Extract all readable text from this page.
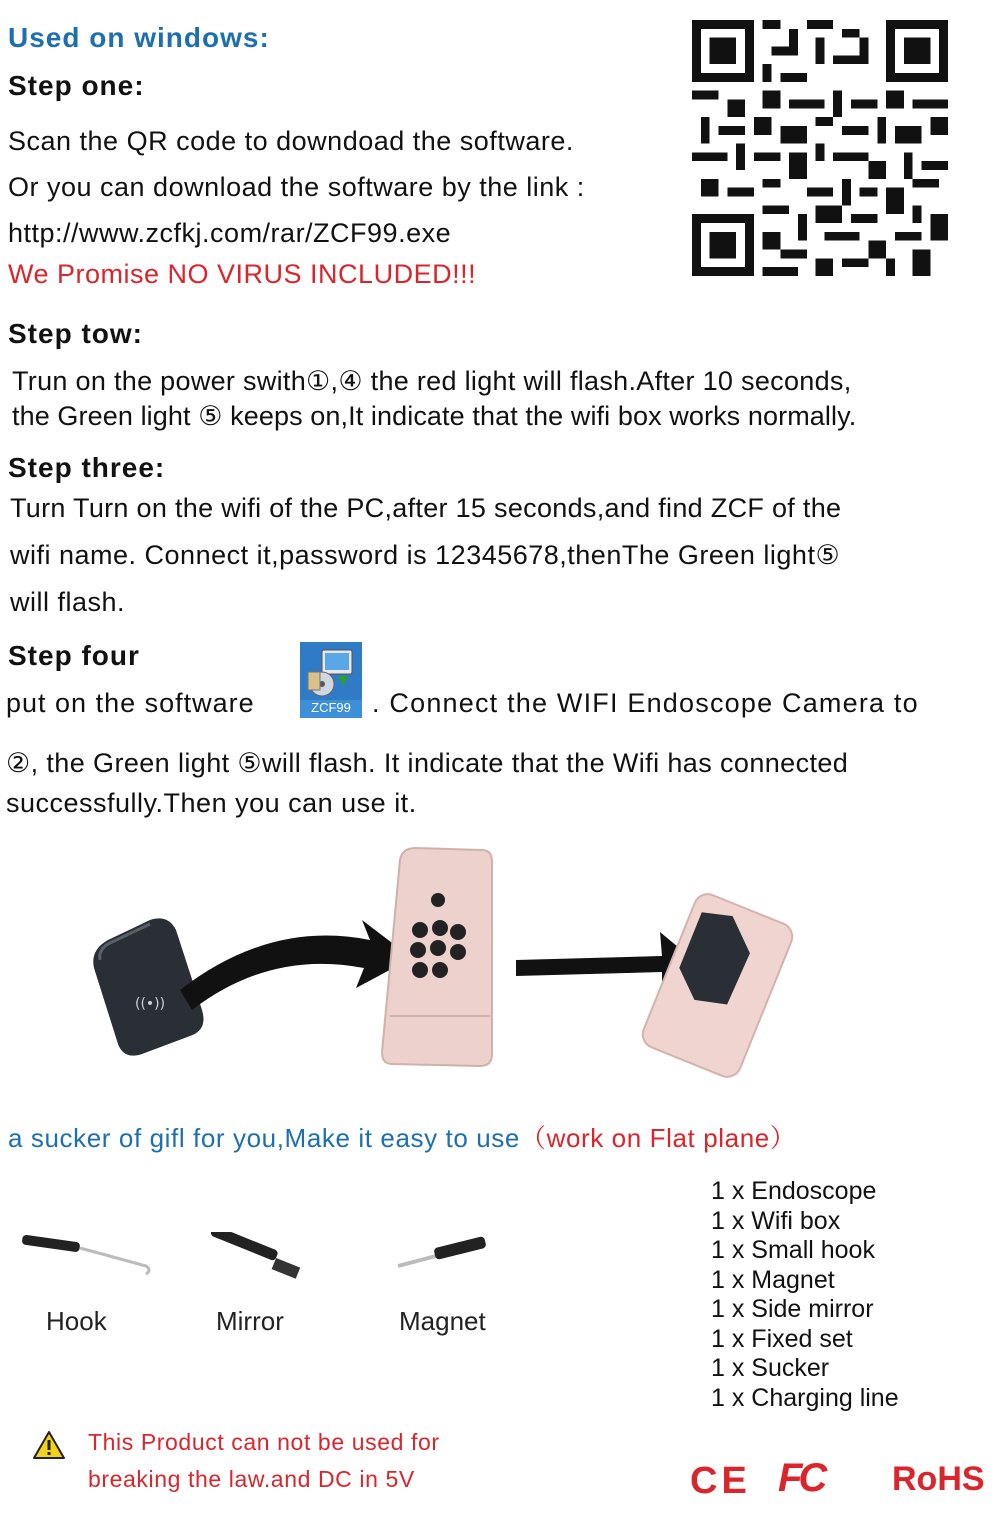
Used on windows:
Step one:
Scan the QR code to downdoad the software.
Or you can download the software by the link :
http://www.zcfkj.com/rar/ZCF99.exe
We Promise NO VIRUS INCLUDED!!!
Step tow:
Trun on the power swith①,④ the red light will flash.After 10 seconds,
the Green light ⑤ keeps on,It indicate that the wifi box works normally.
Step three:
Turn Turn on the wifi of the PC,after 15 seconds,and find ZCF of the
wifi name. Connect it,password is 12345678,thenThe Green light⑤
will flash.
Step four
put on the software	ZCF99 . Connect the WIFI Endoscope Camera to
②, the Green light ⑤will flash. It indicate that the Wifi has connected
successfully.Then you can use it.
((•))
a sucker of gifl for you,Make it easy to use（work on Flat plane）
Hook	Mirror	Magnet
1 x Endoscope
1 x Wifi box
1 x Small hook
1 x Magnet
1 x Side mirror
1 x Fixed set
1 x Sucker
1 x Charging line
This Product can not be used for
breaking the law.and DC in 5V	CE FC RoHS
